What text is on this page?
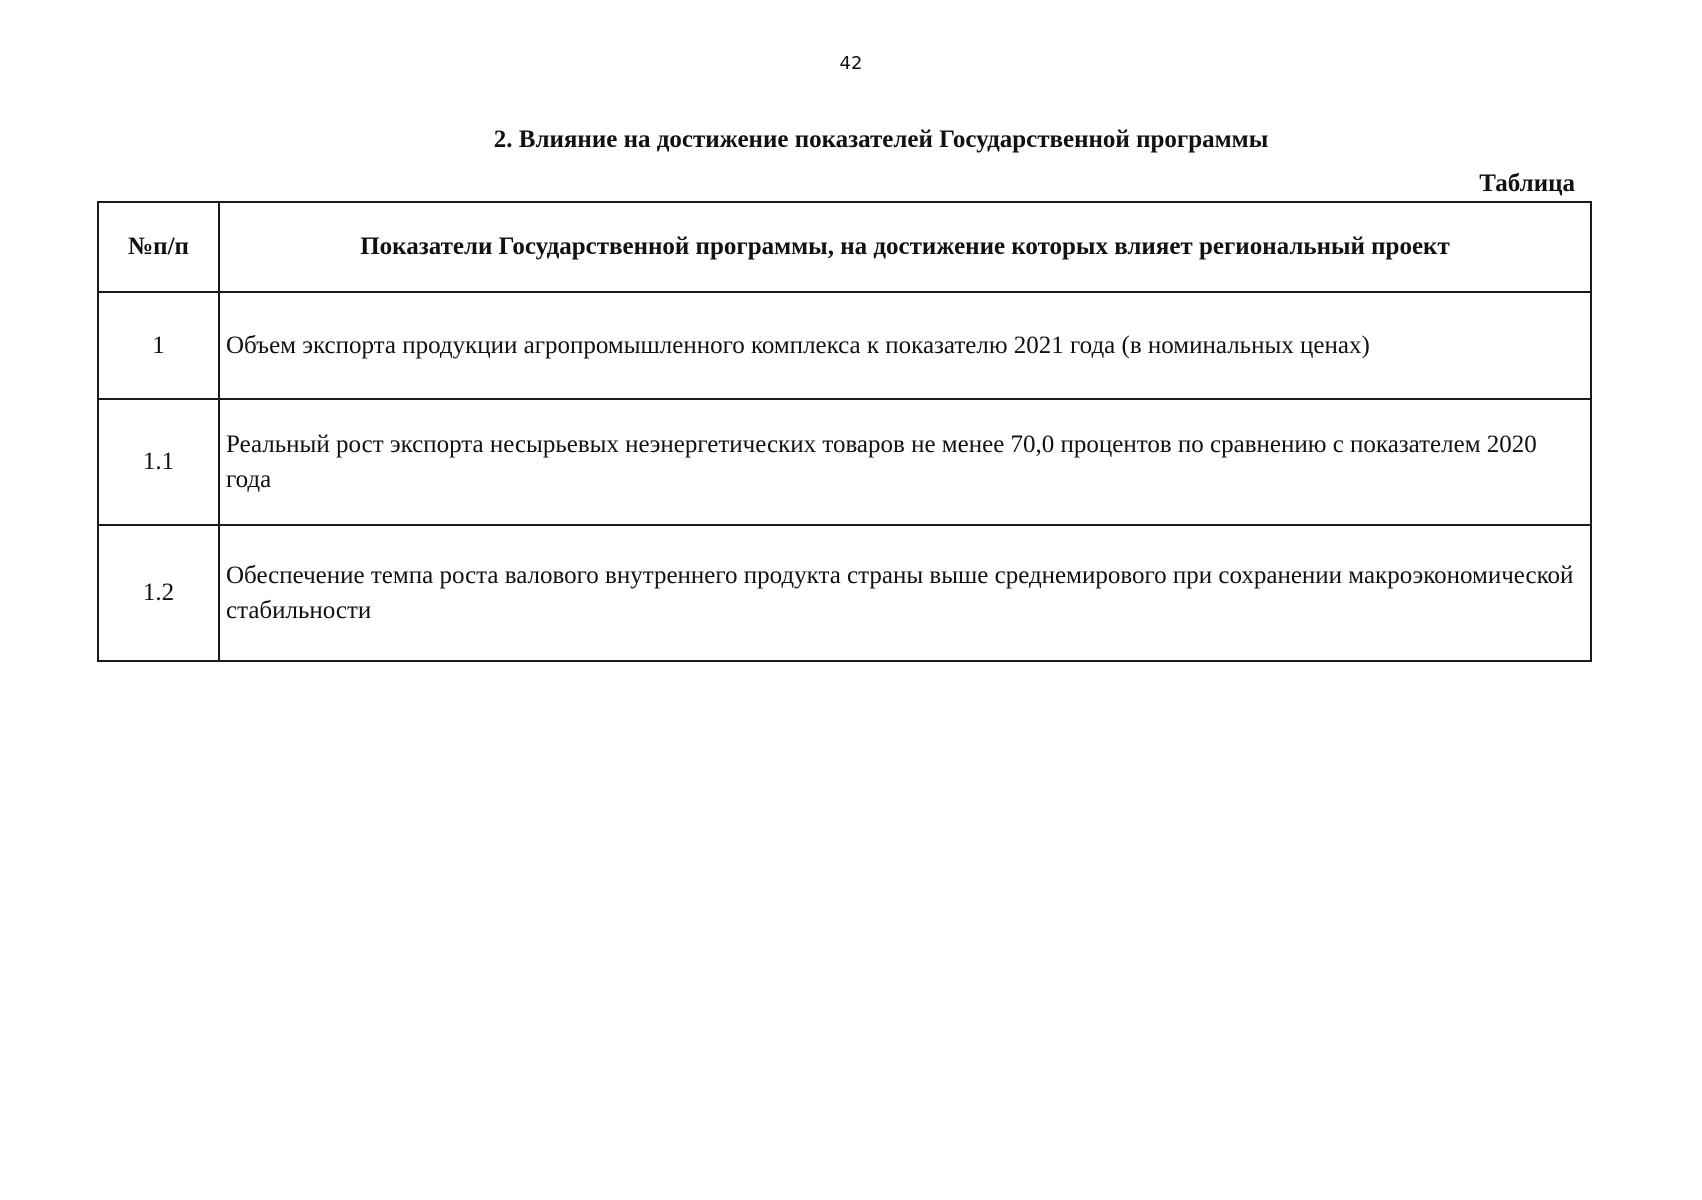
42
2. Влияние на достижение показателей Государственной программы
Таблица
№п/п	Показатели Государственной программы, на достижение которых влияет региональный проект
1	Объем экспорта продукции агропромышленного комплекса к показателю 2021 года (в номинальных ценах)
1.1	Реальный рост экспорта несырьевых неэнергетических товаров не менее 70,0 процентов по сравнению с показателем 2020 года
1.2	Обеспечение темпа роста валового внутреннего продукта страны выше среднемирового при сохранении макроэкономической стабильности
